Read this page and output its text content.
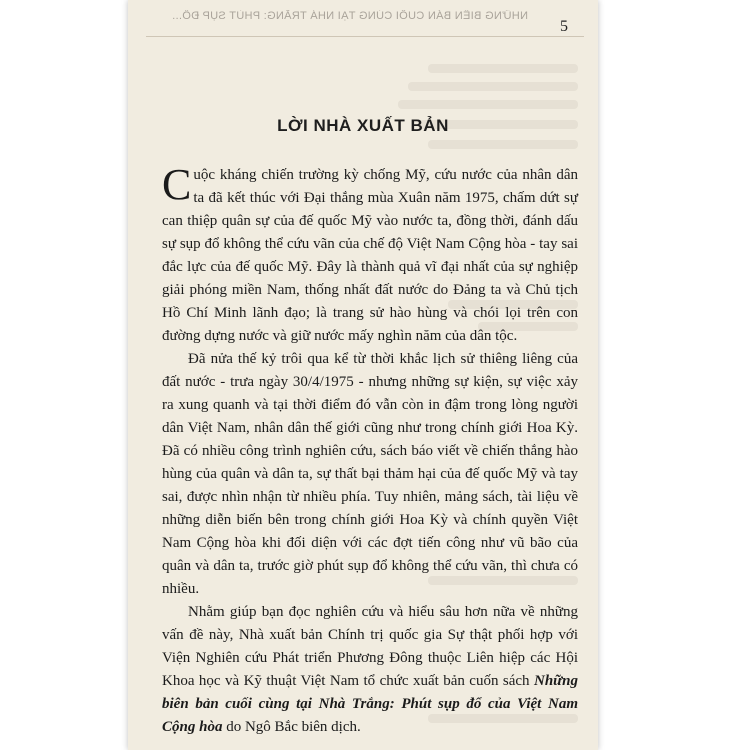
NHỮNG BIÊN BẢN CUỐI CÙNG TẠI NHÀ TRẮNG: PHÚT SỤP ĐỔ...
5
LỜI NHÀ XUẤT BẢN

Cuộc kháng chiến trường kỳ chống Mỹ, cứu nước của nhân dân ta đã kết thúc với Đại thắng mùa Xuân năm 1975, chấm dứt sự can thiệp quân sự của đế quốc Mỹ vào nước ta, đồng thời, đánh dấu sự sụp đổ không thể cứu vãn của chế độ Việt Nam Cộng hòa - tay sai đắc lực của đế quốc Mỹ. Đây là thành quả vĩ đại nhất của sự nghiệp giải phóng miền Nam, thống nhất đất nước do Đảng ta và Chủ tịch Hồ Chí Minh lãnh đạo; là trang sử hào hùng và chói lọi trên con đường dựng nước và giữ nước mấy nghìn năm của dân tộc.

Đã nửa thế kỷ trôi qua kể từ thời khắc lịch sử thiêng liêng của đất nước - trưa ngày 30/4/1975 - nhưng những sự kiện, sự việc xảy ra xung quanh và tại thời điểm đó vẫn còn in đậm trong lòng người dân Việt Nam, nhân dân thế giới cũng như trong chính giới Hoa Kỳ. Đã có nhiều công trình nghiên cứu, sách báo viết về chiến thắng hào hùng của quân và dân ta, sự thất bại thảm hại của đế quốc Mỹ và tay sai, được nhìn nhận từ nhiều phía. Tuy nhiên, mảng sách, tài liệu về những diễn biến bên trong chính giới Hoa Kỳ và chính quyền Việt Nam Cộng hòa khi đối diện với các đợt tiến công như vũ bão của quân và dân ta, trước giờ phút sụp đổ không thể cứu vãn, thì chưa có nhiều.

Nhằm giúp bạn đọc nghiên cứu và hiểu sâu hơn nữa về những vấn đề này, Nhà xuất bản Chính trị quốc gia Sự thật phối hợp với Viện Nghiên cứu Phát triển Phương Đông thuộc Liên hiệp các Hội Khoa học và Kỹ thuật Việt Nam tổ chức xuất bản cuốn sách Những biên bản cuối cùng tại Nhà Trắng: Phút sụp đổ của Việt Nam Cộng hòa do Ngô Bắc biên dịch.
